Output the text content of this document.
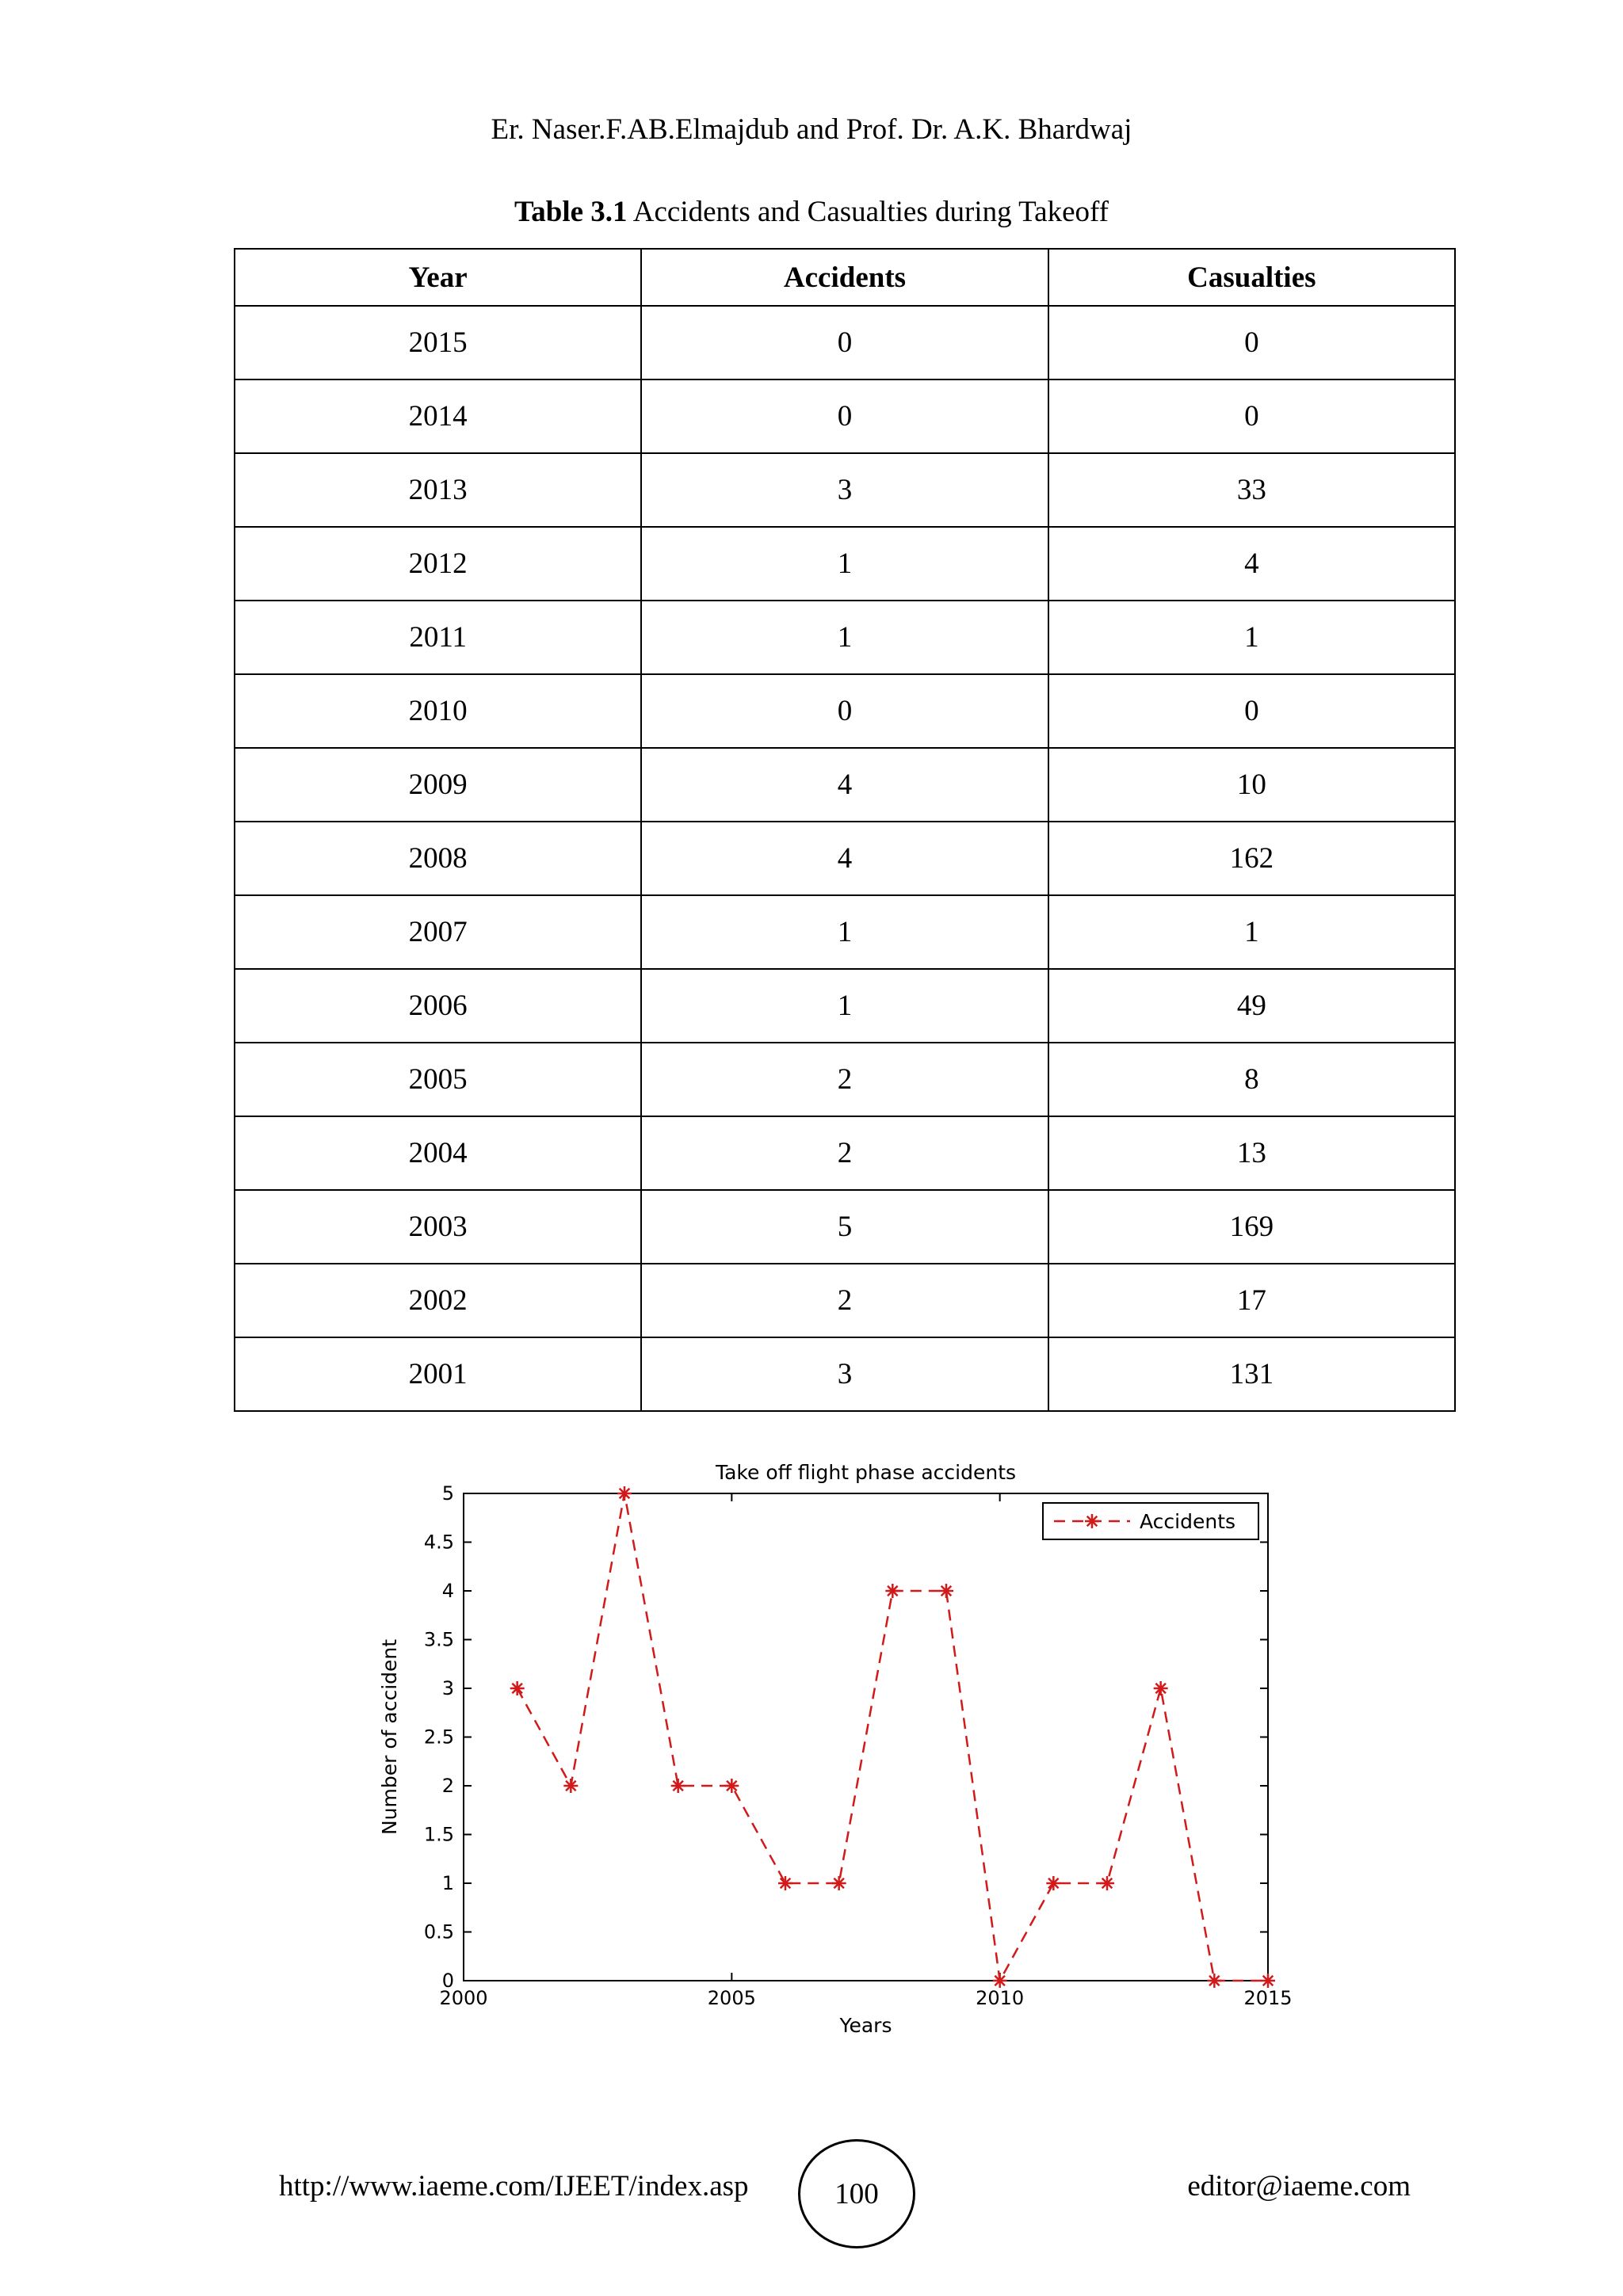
Er. Naser.F.AB.Elmajdub and Prof. Dr. A.K. Bhardwaj
Table 3.1 Accidents and Casualties during Takeoff
Year	Accidents	Casualties
2015	0	0
2014	0	0
2013	3	33
2012	1	4
2011	1	1
2010	0	0
2009	4	10
2008	4	162
2007	1	1
2006	1	49
2005	2	8
2004	2	13
2003	5	169
2002	2	17
2001	3	131
0
0.5
1
1.5
2
2.5
3
3.5
4
4.5
5
2000	2005	2010	2015
Take off flight phase accidents
Years
Number of accident
Accidents
http://www.iaeme.com/IJEET/index.asp	100	editor@iaeme.com
